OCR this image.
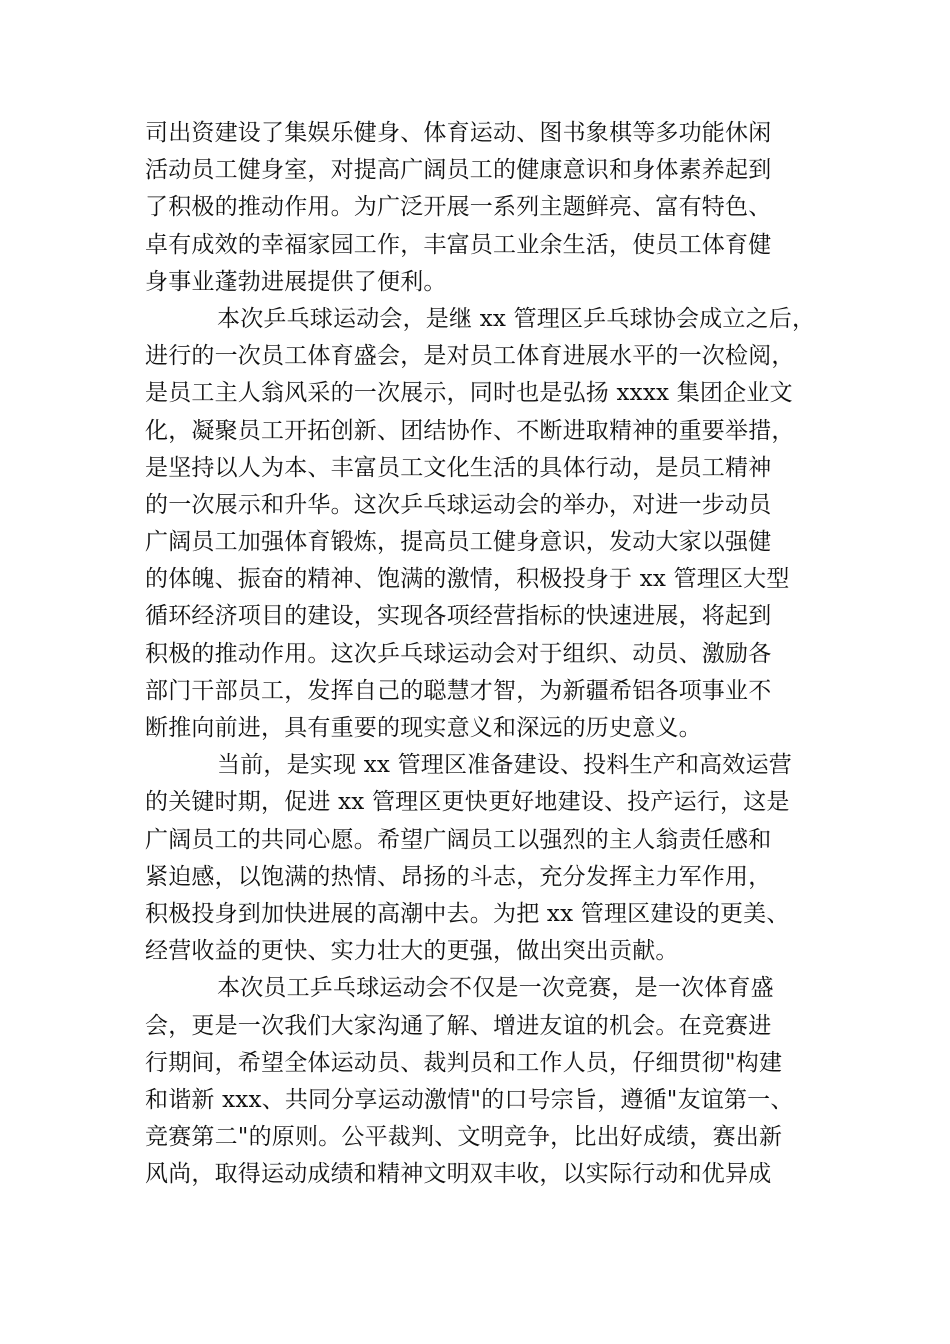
司出资建设了集娱乐健身、体育运动、图书象棋等多功能休闲
活动员工健身室，对提高广阔员工的健康意识和身体素养起到
了积极的推动作用。为广泛开展一系列主题鲜亮、富有特色、
卓有成效的幸福家园工作，丰富员工业余生活，使员工体育健
身事业蓬勃进展提供了便利。
本次乒乓球运动会，是继 xx 管理区乒乓球协会成立之后，
进行的一次员工体育盛会，是对员工体育进展水平的一次检阅，
是员工主人翁风采的一次展示，同时也是弘扬 xxxx 集团企业文
化，凝聚员工开拓创新、团结协作、不断进取精神的重要举措，
是坚持以人为本、丰富员工文化生活的具体行动，是员工精神
的一次展示和升华。这次乒乓球运动会的举办，对进一步动员
广阔员工加强体育锻炼，提高员工健身意识，发动大家以强健
的体魄、振奋的精神、饱满的激情，积极投身于 xx 管理区大型
循环经济项目的建设，实现各项经营指标的快速进展，将起到
积极的推动作用。这次乒乓球运动会对于组织、动员、激励各
部门干部员工，发挥自己的聪慧才智，为新疆希铝各项事业不
断推向前进，具有重要的现实意义和深远的历史意义。
当前，是实现 xx 管理区准备建设、投料生产和高效运营
的关键时期，促进 xx 管理区更快更好地建设、投产运行，这是
广阔员工的共同心愿。希望广阔员工以强烈的主人翁责任感和
紧迫感，以饱满的热情、昂扬的斗志，充分发挥主力军作用，
积极投身到加快进展的高潮中去。为把 xx 管理区建设的更美、
经营收益的更快、实力壮大的更强，做出突出贡献。
本次员工乒乓球运动会不仅是一次竞赛，是一次体育盛
会，更是一次我们大家沟通了解、增进友谊的机会。在竞赛进
行期间，希望全体运动员、裁判员和工作人员，仔细贯彻"构建
和谐新 xxx、共同分享运动激情"的口号宗旨，遵循"友谊第一、
竞赛第二"的原则。公平裁判、文明竞争，比出好成绩，赛出新
风尚，取得运动成绩和精神文明双丰收，以实际行动和优异成
